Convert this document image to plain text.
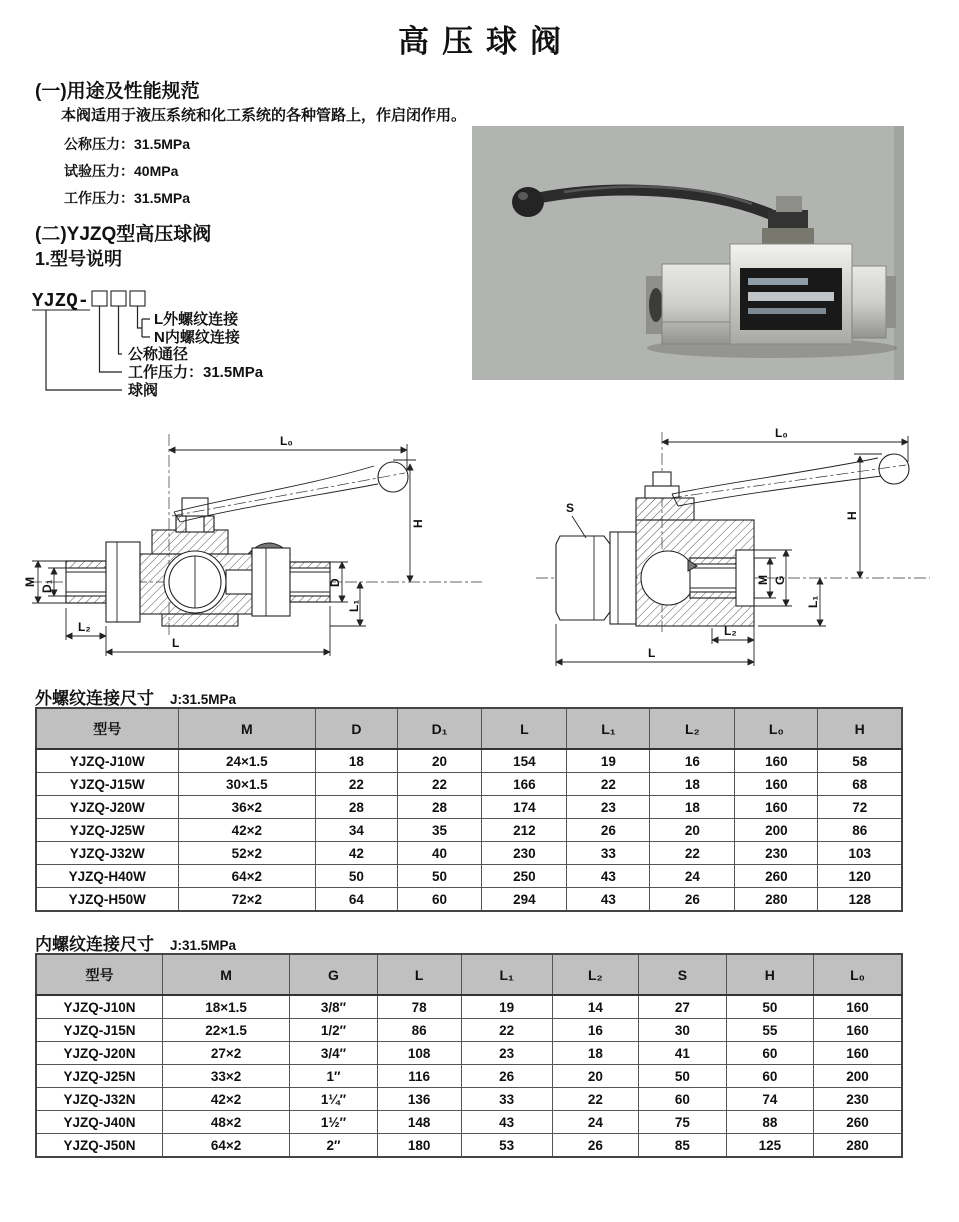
高压球阀
(一)用途及性能规范
本阀适用于液压系统和化工系统的各种管路上，作启闭作用。
公称压力：31.5MPa
试验压力：40MPa
工作压力：31.5MPa
(二)YJZQ型高压球阀
1.型号说明
YJZQ-
L外螺纹连接
N内螺纹连接
公称通径
工作压力：31.5MPa
球阀
L₀
H
M D₁	D
L₁
L₂
L
S
L₀
H
M G
L₁
L₂
L
外螺纹连接尺寸 J:31.5MPa
型号	M	D	D₁	L	L₁	L₂	L₀	H
YJZQ-J10W	24×1.5	18	20	154	19	16	160	58
YJZQ-J15W	30×1.5	22	22	166	22	18	160	68
YJZQ-J20W	36×2	28	28	174	23	18	160	72
YJZQ-J25W	42×2	34	35	212	26	20	200	86
YJZQ-J32W	52×2	42	40	230	33	22	230	103
YJZQ-H40W	64×2	50	50	250	43	24	260	120
YJZQ-H50W	72×2	64	60	294	43	26	280	128
内螺纹连接尺寸 J:31.5MPa
型号	M	G	L	L₁	L₂	S	H	L₀
YJZQ-J10N	18×1.5	3/8″	78	19	14	27	50	160
YJZQ-J15N	22×1.5	1/2″	86	22	16	30	55	160
YJZQ-J20N	27×2	3/4″	108	23	18	41	60	160
YJZQ-J25N	33×2	1″	116	26	20	50	60	200
YJZQ-J32N	42×2	1¼″	136	33	22	60	74	230
YJZQ-J40N	48×2	1½″	148	43	24	75	88	260
YJZQ-J50N	64×2	2″	180	53	26	85	125	280
